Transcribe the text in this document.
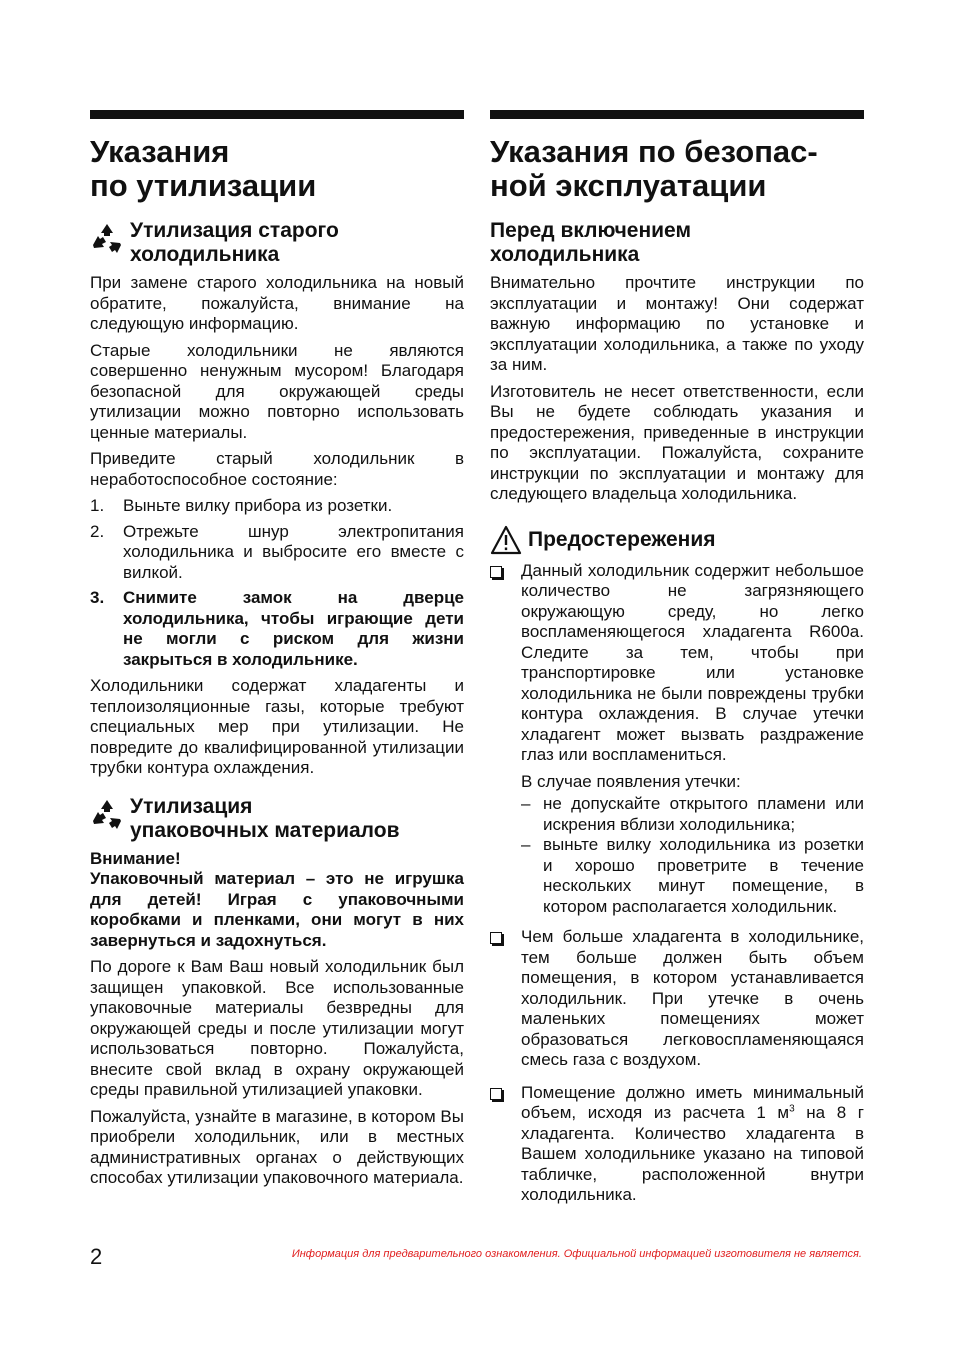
Указания
по утилизации
Утилизация старого
холодильника

При замене старого холодильника на новый обратите, пожалуйста, внимание на следующую информацию.

Старые холодильники не являются совершенно ненужным мусором! Благодаря безопасной для окружающей среды утилизации можно повторно использовать ценные материалы.

Приведите старый холодильник в неработоспособное состояние:

1.	Выньте вилку прибора из розетки.
2.	Отрежьте шнур электропитания холодильника и выбросите его вместе с вилкой.
3.	Снимите замок на дверце холодильника, чтобы играющие дети не могли с риском для жизни закрыться в холодильнике.

Холодильники содержат хладагенты и теплоизоляционные газы, которые требуют специальных мер при утилизации. Не повредите до квалифицированной утилизации трубки контура охлаждения.

Утилизация
упаковочных материалов

Внимание!

Упаковочный материал – это не игрушка для детей! Играя с упаковочными коробками и пленками, они могут в них завернуться и задохнуться.

По дороге к Вам Ваш новый холодильник был защищен упаковкой. Все использованные упаковочные материалы безвредны для окружающей среды и после утилизации могут использоваться повторно. Пожалуйста, внесите свой вклад в охрану окружающей среды правильной утилизацией упаковки.

Пожалуйста, узнайте в магазине, в котором Вы приобрели холодильник, или в местных административных органах о действующих способах утилизации упаковочного материала.

Указания по безопас-
ной эксплуатации
Перед включением
холодильника

Внимательно прочтите инструкции по эксплуатации и монтажу! Они содержат важную информацию по установке и эксплуатации холодильника, а также по уходу за ним.

Изготовитель не несет ответственности, если Вы не будете соблюдать указания и предостережения, приведенные в инструкции по эксплуатации. Пожалуйста, сохраните инструкции по эксплуатации и монтажу для следующего владельца холодильника.

Предостережения

Данный холодильник содержит небольшое количество не загрязняющего окружающую среду, но легко воспламеняющегося хладагента R600a. Следите за тем, чтобы при транспортировке или установке холодильника не были повреждены трубки контура охлаждения. В случае утечки хладагент может вызвать раздражение глаз или воспламениться.

В случае появления утечки:

– не допускайте открытого пламени или искрения вблизи холодильника;
– выньте вилку холодильника из розетки и хорошо проветрите в течение нескольких минут помещение, в котором располагается холодильник.

Чем больше хладагента в холодильнике, тем больше должен быть объем помещения, в котором устанавливается холодильник. При утечке в очень маленьких помещениях может образоваться легковоспламеняющаяся смесь газа с воздухом.

Помещение должно иметь минимальный объем, исходя из расчета 1 $м^3$ на 8 г хладагента. Количество хладагента в Вашем холодильнике указано на типовой табличке, расположенной внутри холодильника.

2	Информация для предварительного ознакомления. Официальной информацией изготовителя не является.
